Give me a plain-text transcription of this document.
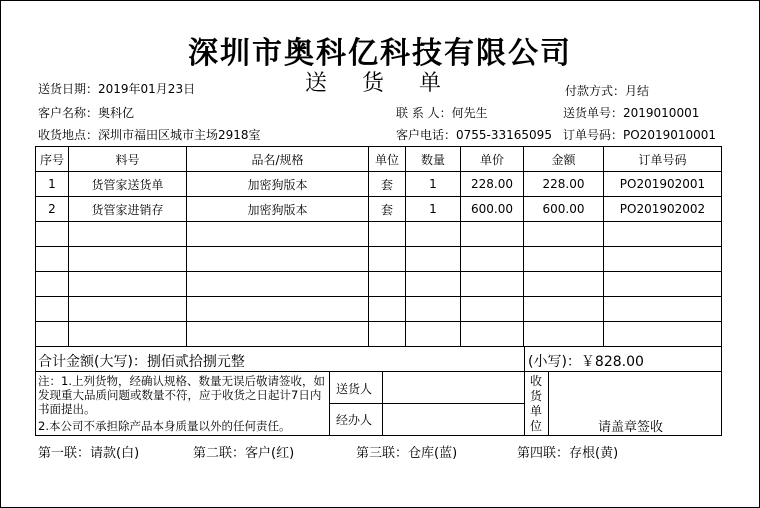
深圳市奥科亿科技有限公司
送 货 单
送货日期：2019年01月23日	付款方式：月结
客户名称：奥科亿	联 系 人：何先生	送货单号：2019010001
收货地点：深圳市福田区城市主场2918室	客户电话：0755-33165095 订单号码：PO2019010001
序号	料号	品名/规格	单位	数量	单价	金额	订单号码
1	货管家送货单	加密狗版本	套	1	228.00	228.00	PO201902001
2	货管家进销存	加密狗版本	套	1	600.00	600.00	PO201902002

合计金额(大写)：捌佰贰拾捌元整	(小写)：￥828.00
注：1.上列货物，经确认规格、数量无误后敬请签收，如发现重大品质问题或数量不符，应于收货之日起计7日内书面提出。
2.本公司不承担除产品本身质量以外的任何责任。
送货人
经办人
收货单位	请盖章签收
第一联：请款(白)	第二联：客户(红)	第三联：仓库(蓝)	第四联：存根(黄)
